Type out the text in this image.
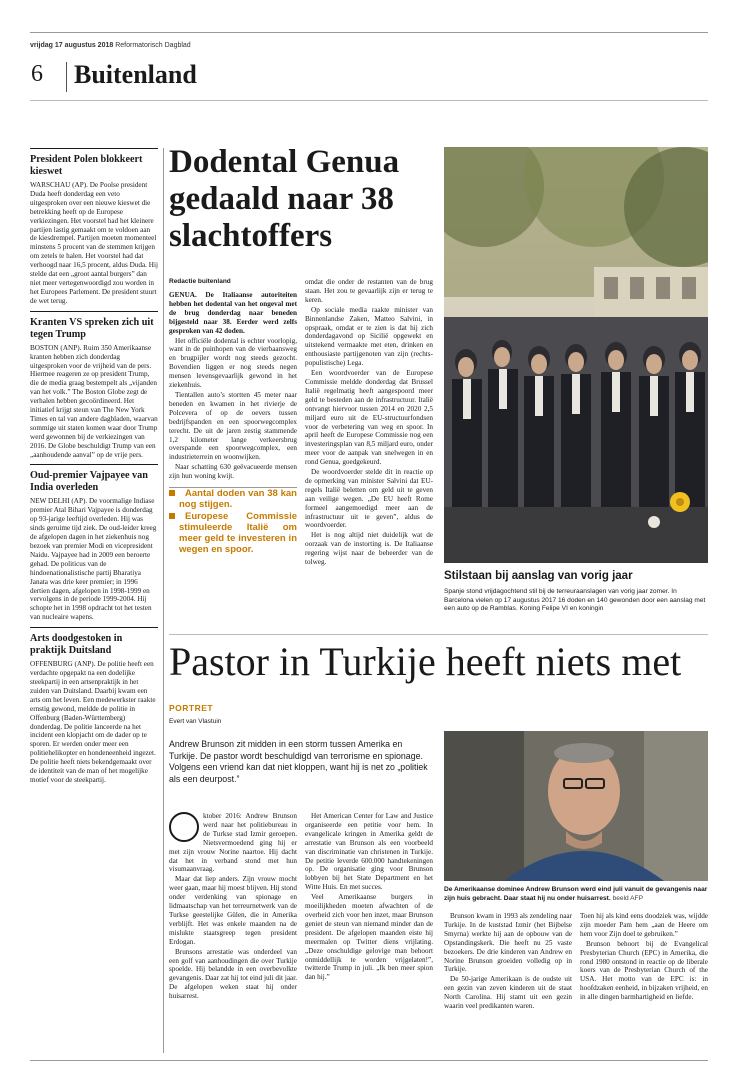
vrijdag 17 augustus 2018 Reformatorisch Dagblad
6 Buitenland
President Polen blokkeert kieswet

WARSCHAU (AP). De Poolse president Duda heeft donderdag een veto uitgesproken over een nieuwe kieswet die betrekking heeft op de Europese verkiezingen. Het voorstel had het kleinere partijen lastig gemaakt om te voldoen aan de kiesdrempel. Partijen moeten momenteel minstens 5 procent van de stemmen krijgen om zetels te halen. Het voorstel had dat verhoogd naar 16,5 procent, aldus Duda. Hij stelde dat een „groot aantal burgers” dan niet meer vertegenwoordigd zou worden in het Europees Parlement. De president stuurt de wet terug.

Kranten VS spreken zich uit tegen Trump

BOSTON (ANP). Ruim 350 Amerikaanse kranten hebben zich donderdag uitgesproken voor de vrijheid van de pers. Hiermee reageren ze op president Trump, die de media graag bestempelt als „vijanden van het volk.” The Boston Globe zegt de verhalen hebben gecoördineerd. Het initiatief krijgt steun van The New York Times en tal van andere dagbladen, waarvan sommige uit staten komen waar door Trump werd gewonnen bij de verkiezingen van 2016. De Globe beschuldigt Trump van een „aanhoudende aanval” op de vrije pers.

Oud-premier Vajpayee van India overleden

NEW DELHI (AP). De voormalige Indiase premier Atal Bihari Vajpayee is donderdag op 93-jarige leeftijd overleden. Hij was sinds geruime tijd ziek. De oud-leider kreeg de afgelopen dagen in het ziekenhuis nog bezoek van premier Modi en vicepresident Naidu. Vajpayee had in 2009 een beroerte gehad. De politicus van de hindoenationalistische partij Bharatiya Janata was drie keer premier; in 1996 dertien dagen, afgelopen in 1998-1999 en vervolgens in de periode 1999-2004. Hij schopte het in 1998 opdracht tot het testen van nucleaire wapens.

Arts doodgestoken in praktijk Duitsland

OFFENBURG (ANP). De politie heeft een verdachte opgepakt na een dodelijke steekpartij in een artsenpraktijk in het zuiden van Duitsland. Daarbij kwam een arts om het leven. Een medewerkster raakte ernstig gewond, meldde de politie in Offenburg (Baden-Württemberg) donderdag. De politie lanceerde na het incident een klopjacht om de dader op te sporen. Er werden onder meer een politiehelikopter en hondeneenheid ingezet. De politie heeft niets bekendgemaakt over de identiteit van de man of het mogelijke motief voor de steekpartij.

Dodental Genua gedaald naar 38 slachtoffers
Redactie buitenland

GENUA. De Italiaanse autoriteiten hebben het dodental van het ongeval met de brug donderdag naar beneden bijgesteld naar 38. Eerder werd zelfs gesproken van 42 doden.

Het officiële dodental is echter voorlopig, want in de puinhopen van de vierbaansweg en brugpijler wordt nog steeds gezocht. Bovendien liggen er nog steeds negen mensen levensgevaarlijk gewond in het ziekenhuis.

Tientallen auto’s stortten 45 meter naar beneden en kwamen in het rivierje de Polcevera of op de oevers tussen bedrijfspanden en een spoorwegcomplex terecht. De uit de jaren zestig stammende 1,2 kilometer lange verkeersbrug overspande een spoorwegcomplex, een industrieterrein en woonwijken.

Naar schatting 630 geëvacueerde mensen zijn hun woning kwijt.

Aantal doden van 38 kan nog stijgen.

Europese Commissie stimuleerde Italië om meer geld te investeren in wegen en spoor.

omdat die onder de restanten van de brug staan. Het zou te gevaarlijk zijn er terug te keren.

Op sociale media raakte minister van Binnenlandse Zaken, Matteo Salvini, in opspraak, omdat er te zien is dat hij zich donderdagavond op Sicilië opgewekt en uitstekend vermaakte met eten, drinken en enthousiaste partijgenoten van zijn (rechts-populistische) Lega.

Een woordvoerder van de Europese Commissie meldde donderdag dat Brussel Italië regelmatig heeft aangespoord meer geld te besteden aan de infrastructuur. Italië ontvangt hiervoor tussen 2014 en 2020 2,5 miljard euro uit de EU-structuurfondsen voor de verbetering van weg en spoor. In april heeft de Europese Commissie nog een investeringsplan van 8,5 miljard euro, onder meer voor de aanpak van snelwegen in en rond Genua, goedgekeurd.

De woordvoerder stelde dit in reactie op de opmerking van minister Salvini dat EU-regels Italië beletten om geld uit te geven aan veilige wegen. „De EU heeft Rome formeel aangemoedigd meer aan de infrastructuur uit te geven”, aldus de woordvoerder.

Het is nog altijd niet duidelijk wat de oorzaak van de instorting is. De Italiaanse regering wijst naar de beheerder van de tolweg.

Stilstaan bij aanslag van vorig jaar
Spanje stond vrijdagochtend stil bij de terreuraanslagen van vorig jaar zomer. In Barcelona vielen op 17 augustus 2017 16 doden en 140 gewonden door een aanslag met een auto op de Ramblas. Koning Felipe VI en koningin
Pastor in Turkije heeft niets met
PORTRET
Evert van Vlastuin
Andrew Brunson zit midden in een storm tussen Amerika en Turkije. De pastor wordt beschuldigd van terrorisme en spionage. Volgens een vriend kan dat niet kloppen, want hij is net zo „politiek als een deurpost.”

ktober 2016: Andrew Brunson werd naar het politiebureau in de Turkse stad Izmir geroepen. Nietsvermoedend ging hij er met zijn vrouw Norine naartoe. Hij dacht dat het in verband stond met hun visumaanvraag.

Maar dat liep anders. Zijn vrouw mocht weer gaan, maar hij moest blijven. Hij stond onder verdenking van spionage en lidmaatschap van het terreurnetwerk van de Turkse geestelijke Gülen, die in Amerika verblijft. Het was enkele maanden na de mislukte staatsgreep tegen president Erdogan.

Brunsons arrestatie was onderdeel van een golf van aanhoudingen die over Turkije spoelde. Hij belandde in een overbevolkte gevangenis. Daar zat hij tot eind juli dit jaar. De afgelopen weken staat hij onder huisarrest.

Het American Center for Law and Justice organiseerde een petitie voor hem. In evangelicale kringen in Amerika geldt de arrestatie van Brunson als een voorbeeld van discriminatie van christenen in Turkije. De petitie leverde 600.000 handtekeningen op. De organisatie ging voor Brunson lobbyen bij het State Department en het Witte Huis. En met succes.

Veel Amerikaanse burgers in moeilijkheden moeten afwachten of de overheid zich voor hen inzet, maar Brunson geniet de steun van niemand minder dan de president. De afgelopen maanden eiste hij meermalen op Twitter diens vrijlating. „Deze onschuldige gelovige man behoort onmiddellijk te worden vrijgelaten!”, twitterde Trump in juli. „Ik ben meer spion dan hij.”

De Amerikaanse dominee Andrew Brunson werd eind juli vanuit de gevangenis naar zijn huis gebracht. Daar staat hij nu onder huisarrest. beeld AFP

Brunson kwam in 1993 als zendeling naar Turkije. In de kuststad Izmir (het Bijbelse Smyrna) werkte hij aan de opbouw van de Opstandingskerk. Die heeft nu 25 vaste bezoekers. De drie kinderen van Andrew en Norine Brunson groeiden volledig op in Turkije.

De 50-jarige Amerikaan is de oudste uit een gezin van zeven kinderen uit de staat North Carolina. Hij stamt uit een gezin waarin veel predikanten waren.

Toen hij als kind eens doodziek was, wijdde zijn moeder Pam hem „aan de Heere om hem voor Zijn doel te gebruiken.”

Brunson behoort bij de Evangelical Presbyterian Church (EPC) in Amerika, die rond 1980 ontstond in reactie op de liberale koers van de Presbyterian Church of the USA. Het motto van de EPC is: in hoofdzaken eenheid, in bijzaken vrijheid, en in alle dingen barmhartigheid en liefde.
